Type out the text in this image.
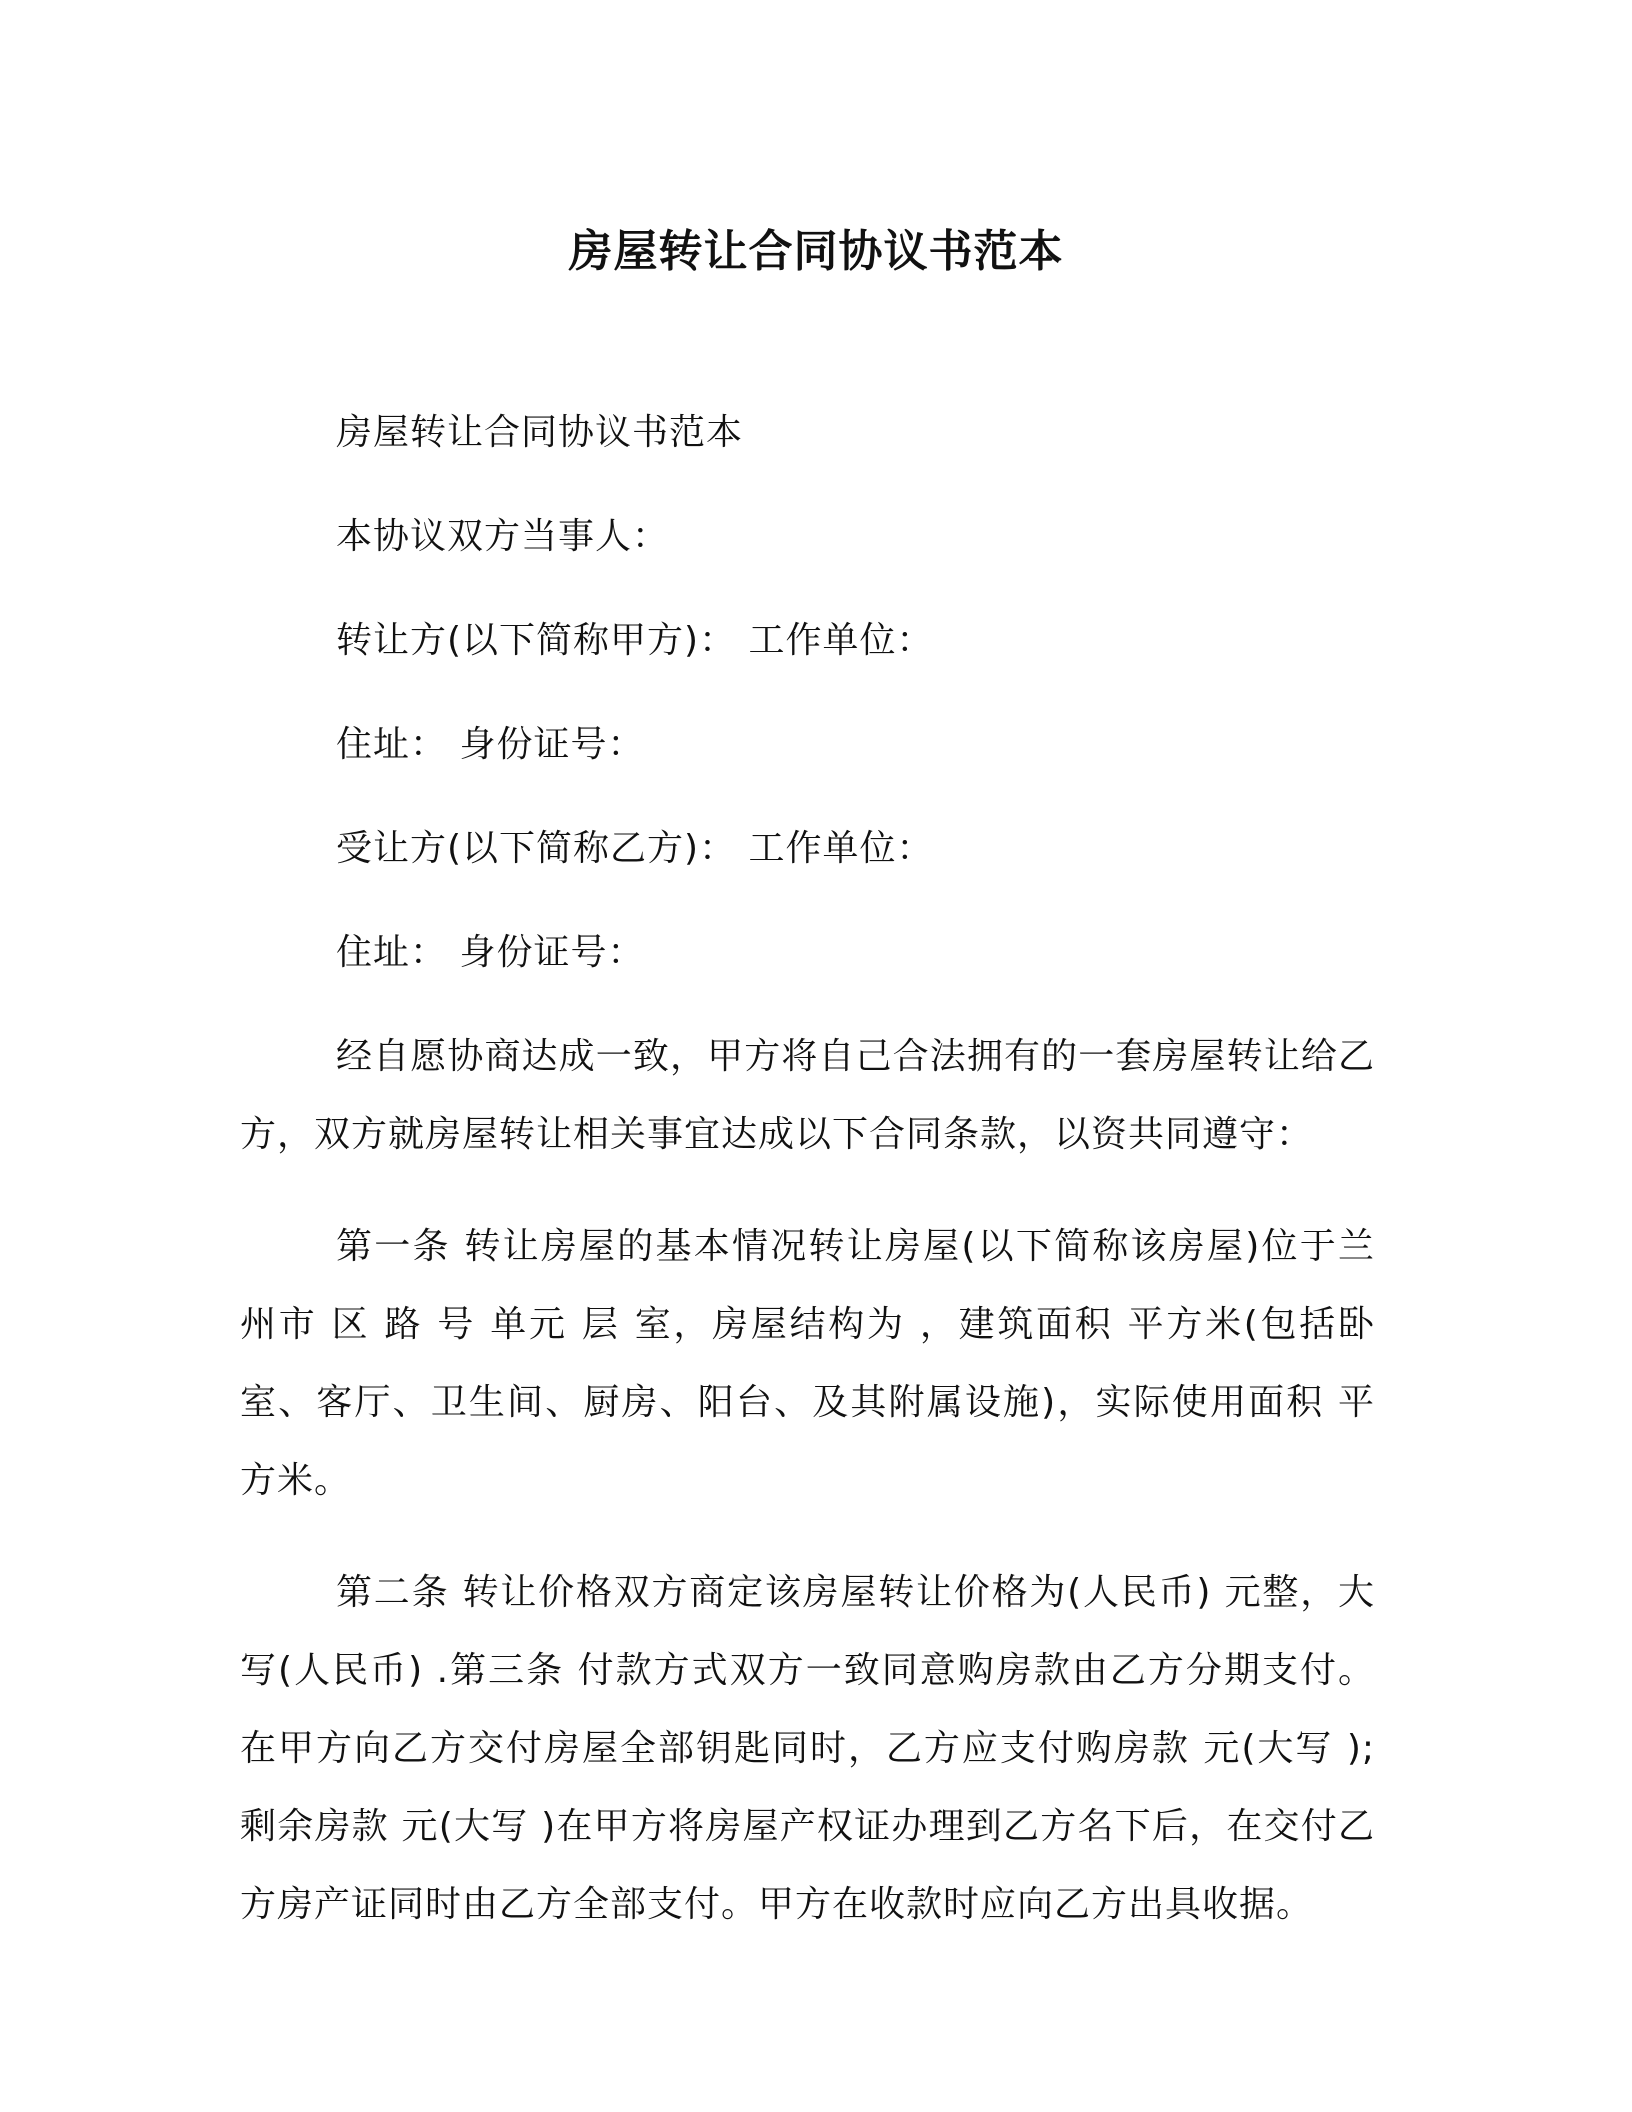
房屋转让合同协议书范本

房屋转让合同协议书范本

本协议双方当事人：

转让方(以下简称甲方)： 工作单位：

住址： 身份证号：

受让方(以下简称乙方)： 工作单位：

住址： 身份证号：

经自愿协商达成一致，甲方将自己合法拥有的一套房屋转让给乙方，双方就房屋转让相关事宜达成以下合同条款，以资共同遵守：

第一条 转让房屋的基本情况转让房屋(以下简称该房屋)位于兰州市 区 路 号 单元 层 室，房屋结构为 ，建筑面积 平方米(包括卧室、客厅、卫生间、厨房、阳台、及其附属设施)，实际使用面积 平方米。

第二条 转让价格双方商定该房屋转让价格为(人民币) 元整，大写(人民币) .第三条 付款方式双方一致同意购房款由乙方分期支付。在甲方向乙方交付房屋全部钥匙同时，乙方应支付购房款 元(大写 );剩余房款 元(大写 )在甲方将房屋产权证办理到乙方名下后，在交付乙方房产证同时由乙方全部支付。甲方在收款时应向乙方出具收据。
